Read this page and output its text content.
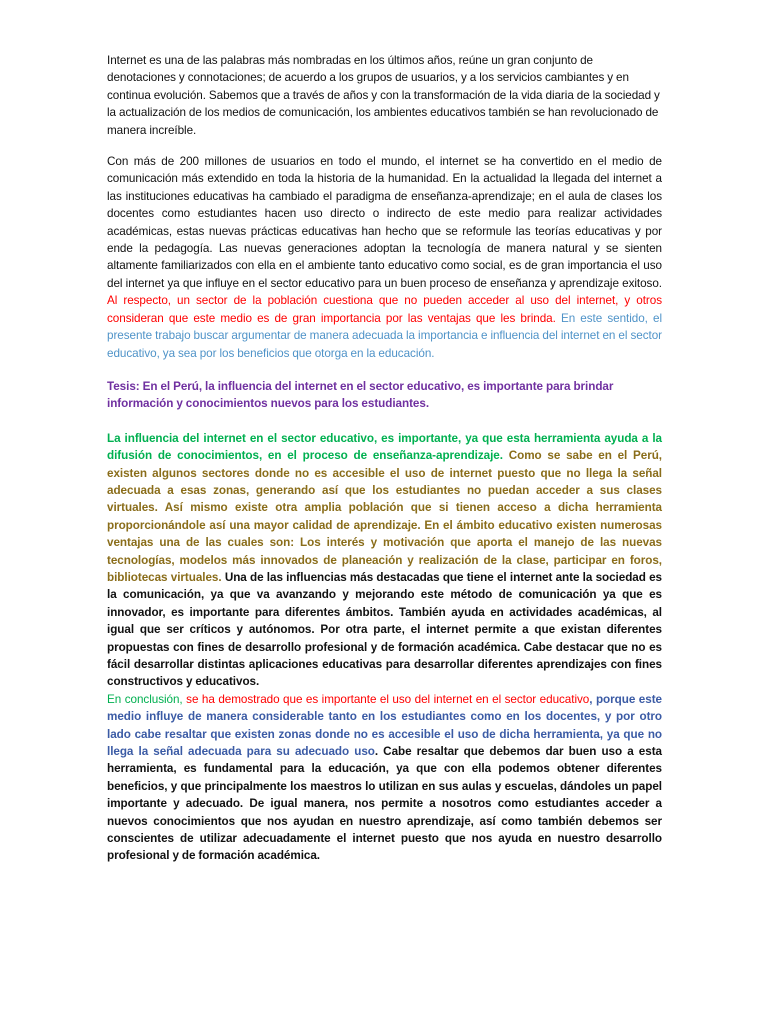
Internet es una de las palabras más nombradas en los últimos años, reúne un gran conjunto de denotaciones y connotaciones; de acuerdo a los grupos de usuarios, y a los servicios cambiantes y en continua evolución. Sabemos que a través de años y con la transformación de la vida diaria de la sociedad y la actualización de los medios de comunicación, los ambientes educativos también se han revolucionado de manera increíble.

Con más de 200 millones de usuarios en todo el mundo, el internet se ha convertido en el medio de comunicación más extendido en toda la historia de la humanidad. En la actualidad la llegada del internet a las instituciones educativas ha cambiado el paradigma de enseñanza-aprendizaje; en el aula de clases los docentes como estudiantes hacen uso directo o indirecto de este medio para realizar actividades académicas, estas nuevas prácticas educativas han hecho que se reformule las teorías educativas y por ende la pedagogía. Las nuevas generaciones adoptan la tecnología de manera natural y se sienten altamente familiarizados con ella en el ambiente tanto educativo como social, es de gran importancia el uso del internet ya que influye en el sector educativo para un buen proceso de enseñanza y aprendizaje exitoso. Al respecto, un sector de la población cuestiona que no pueden acceder al uso del internet, y otros consideran que este medio es de gran importancia por las ventajas que les brinda. En este sentido, el presente trabajo buscar argumentar de manera adecuada la importancia e influencia del internet en el sector educativo, ya sea por los beneficios que otorga en la educación.

Tesis: En el Perú, la influencia del internet en el sector educativo, es importante para brindar información y conocimientos nuevos para los estudiantes.

La influencia del internet en el sector educativo, es importante, ya que esta herramienta ayuda a la difusión de conocimientos, en el proceso de enseñanza-aprendizaje. Como se sabe en el Perú, existen algunos sectores donde no es accesible el uso de internet puesto que no llega la señal adecuada a esas zonas, generando así que los estudiantes no puedan acceder a sus clases virtuales. Así mismo existe otra amplia población que si tienen acceso a dicha herramienta proporcionándole así una mayor calidad de aprendizaje. En el ámbito educativo existen numerosas ventajas una de las cuales son: Los interés y motivación que aporta el manejo de las nuevas tecnologías, modelos más innovados de planeación y realización de la clase, participar en foros, bibliotecas virtuales. Una de las influencias más destacadas que tiene el internet ante la sociedad es la comunicación, ya que va avanzando y mejorando este método de comunicación ya que es innovador, es importante para diferentes ámbitos. También ayuda en actividades académicas, al igual que ser críticos y autónomos. Por otra parte, el internet permite a que existan diferentes propuestas con fines de desarrollo profesional y de formación académica. Cabe destacar que no es fácil desarrollar distintas aplicaciones educativas para desarrollar diferentes aprendizajes con fines constructivos y educativos.

En conclusión, se ha demostrado que es importante el uso del internet en el sector educativo, porque este medio influye de manera considerable tanto en los estudiantes como en los docentes, y por otro lado cabe resaltar que existen zonas donde no es accesible el uso de dicha herramienta, ya que no llega la señal adecuada para su adecuado uso. Cabe resaltar que debemos dar buen uso a esta herramienta, es fundamental para la educación, ya que con ella podemos obtener diferentes beneficios, y que principalmente los maestros lo utilizan en sus aulas y escuelas, dándoles un papel importante y adecuado. De igual manera, nos permite a nosotros como estudiantes acceder a nuevos conocimientos que nos ayudan en nuestro aprendizaje, así como también debemos ser conscientes de utilizar adecuadamente el internet puesto que nos ayuda en nuestro desarrollo profesional y de formación académica.
